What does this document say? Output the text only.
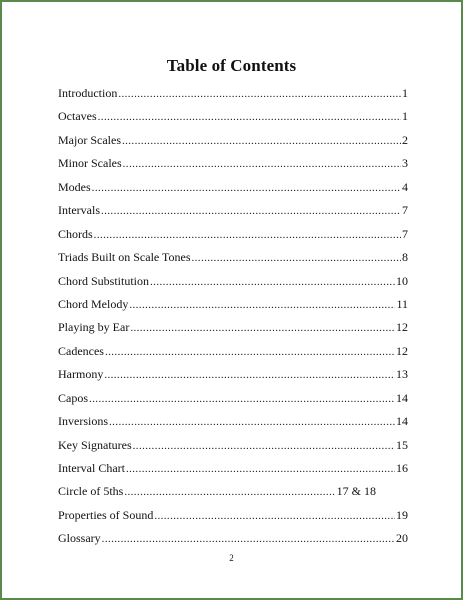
Table of Contents
Introduction .....	1
Octaves .....	1
Major Scales .....	2
Minor Scales .....	3
Modes .....	4
Intervals .....	7
Chords .....	7
Triads Built on Scale Tones .....	8
Chord Substitution .....	10
Chord Melody .....	11
Playing by Ear .....	12
Cadences .....	12
Harmony .....	13
Capos .....	14
Inversions .....	14
Key Signatures .....	15
Interval Chart .....	16
Circle of 5ths .....	17 & 18
Properties of Sound .....	19
Glossary .....	20
2
